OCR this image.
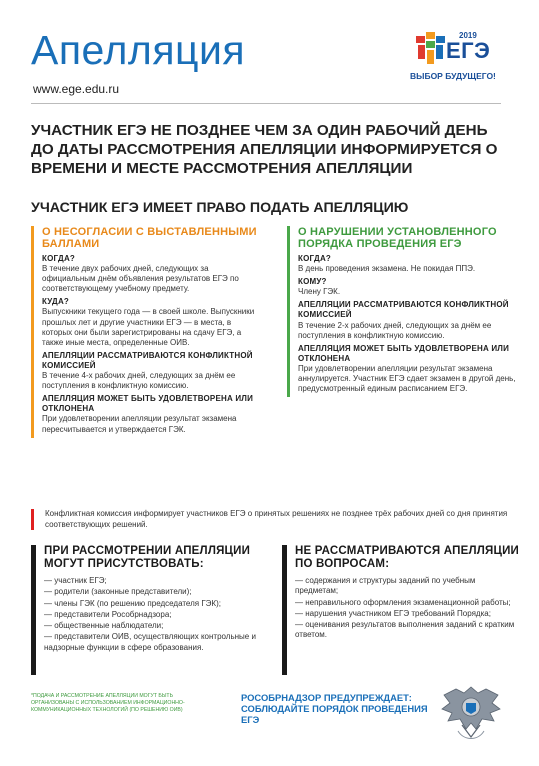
Апелляция
www.ege.edu.ru
2019
ЕГЭ
ВЫБОР БУДУЩЕГО!

УЧАСТНИК ЕГЭ НЕ ПОЗДНЕЕ ЧЕМ ЗА ОДИН РАБОЧИЙ ДЕНЬ ДО ДАТЫ РАССМОТРЕНИЯ АПЕЛЛЯЦИИ ИНФОРМИРУЕТСЯ О ВРЕМЕНИ И МЕСТЕ РАССМОТРЕНИЯ АПЕЛЛЯЦИИ

УЧАСТНИК ЕГЭ ИМЕЕТ ПРАВО ПОДАТЬ АПЕЛЛЯЦИЮ

О НЕСОГЛАСИИ С ВЫСТАВЛЕННЫМИ БАЛЛАМИ

КОГДА?
В течение двух рабочих дней, следующих за официальным днём объявления результатов ЕГЭ по соответствующему учебному предмету.
КУДА?
Выпускники текущего года — в своей школе. Выпускники прошлых лет и другие участники ЕГЭ — в места, в которых они были зарегистрированы на сдачу ЕГЭ, а также иные места, определенные ОИВ.
АПЕЛЛЯЦИИ РАССМАТРИВАЮТСЯ КОНФЛИКТНОЙ КОМИССИЕЙ
В течение 4-х рабочих дней, следующих за днём ее поступления в конфликтную комиссию.
АПЕЛЛЯЦИЯ МОЖЕТ БЫТЬ УДОВЛЕТВОРЕНА ИЛИ ОТКЛОНЕНА
При удовлетворении апелляции результат экзамена пересчитывается и утверждается ГЭК.

О НАРУШЕНИИ УСТАНОВЛЕННОГО ПОРЯДКА ПРОВЕДЕНИЯ ЕГЭ

КОГДА?
В день проведения экзамена. Не покидая ППЭ.
КОМУ?
Члену ГЭК.
АПЕЛЛЯЦИИ РАССМАТРИВАЮТСЯ КОНФЛИКТНОЙ КОМИССИЕЙ
В течение 2-х рабочих дней, следующих за днём ее поступления в конфликтную комиссию.
АПЕЛЛЯЦИЯ МОЖЕТ БЫТЬ УДОВЛЕТВОРЕНА ИЛИ ОТКЛОНЕНА
При удовлетворении апелляции результат экзамена аннулируется. Участник ЕГЭ сдает экзамен в другой день, предусмотренный единым расписанием ЕГЭ.
Конфликтная комиссия информирует участников ЕГЭ о принятых решениях не позднее трёх рабочих дней со дня принятия соответствующих решений.

ПРИ РАССМОТРЕНИИ АПЕЛЛЯЦИИ МОГУТ ПРИСУТСТВОВАТЬ:

— участник ЕГЭ;
— родители (законные представители);
— члены ГЭК (по решению председателя ГЭК);
— представители Рособрнадзора;
— общественные наблюдатели;
— представители ОИВ, осуществляющих контрольные и надзорные функции в сфере образования.

НЕ РАССМАТРИВАЮТСЯ АПЕЛЛЯЦИИ ПО ВОПРОСАМ:

— содержания и структуры заданий по учебным предметам;
— неправильного оформления экзаменационной работы;
— нарушения участником ЕГЭ требований Порядка;
— оценивания результатов выполнения заданий с кратким ответом.
*ПОДАЧА И РАССМОТРЕНИЕ АПЕЛЛЯЦИИ МОГУТ БЫТЬ ОРГАНИЗОВАНЫ С ИСПОЛЬЗОВАНИЕМ ИНФОРМАЦИОННО-КОММУНИКАЦИОННЫХ ТЕХНОЛОГИЙ (ПО РЕШЕНИЮ ОИВ)
РОСОБРНАДЗОР ПРЕДУПРЕЖДАЕТ: СОБЛЮДАЙТЕ ПОРЯДОК ПРОВЕДЕНИЯ ЕГЭ
